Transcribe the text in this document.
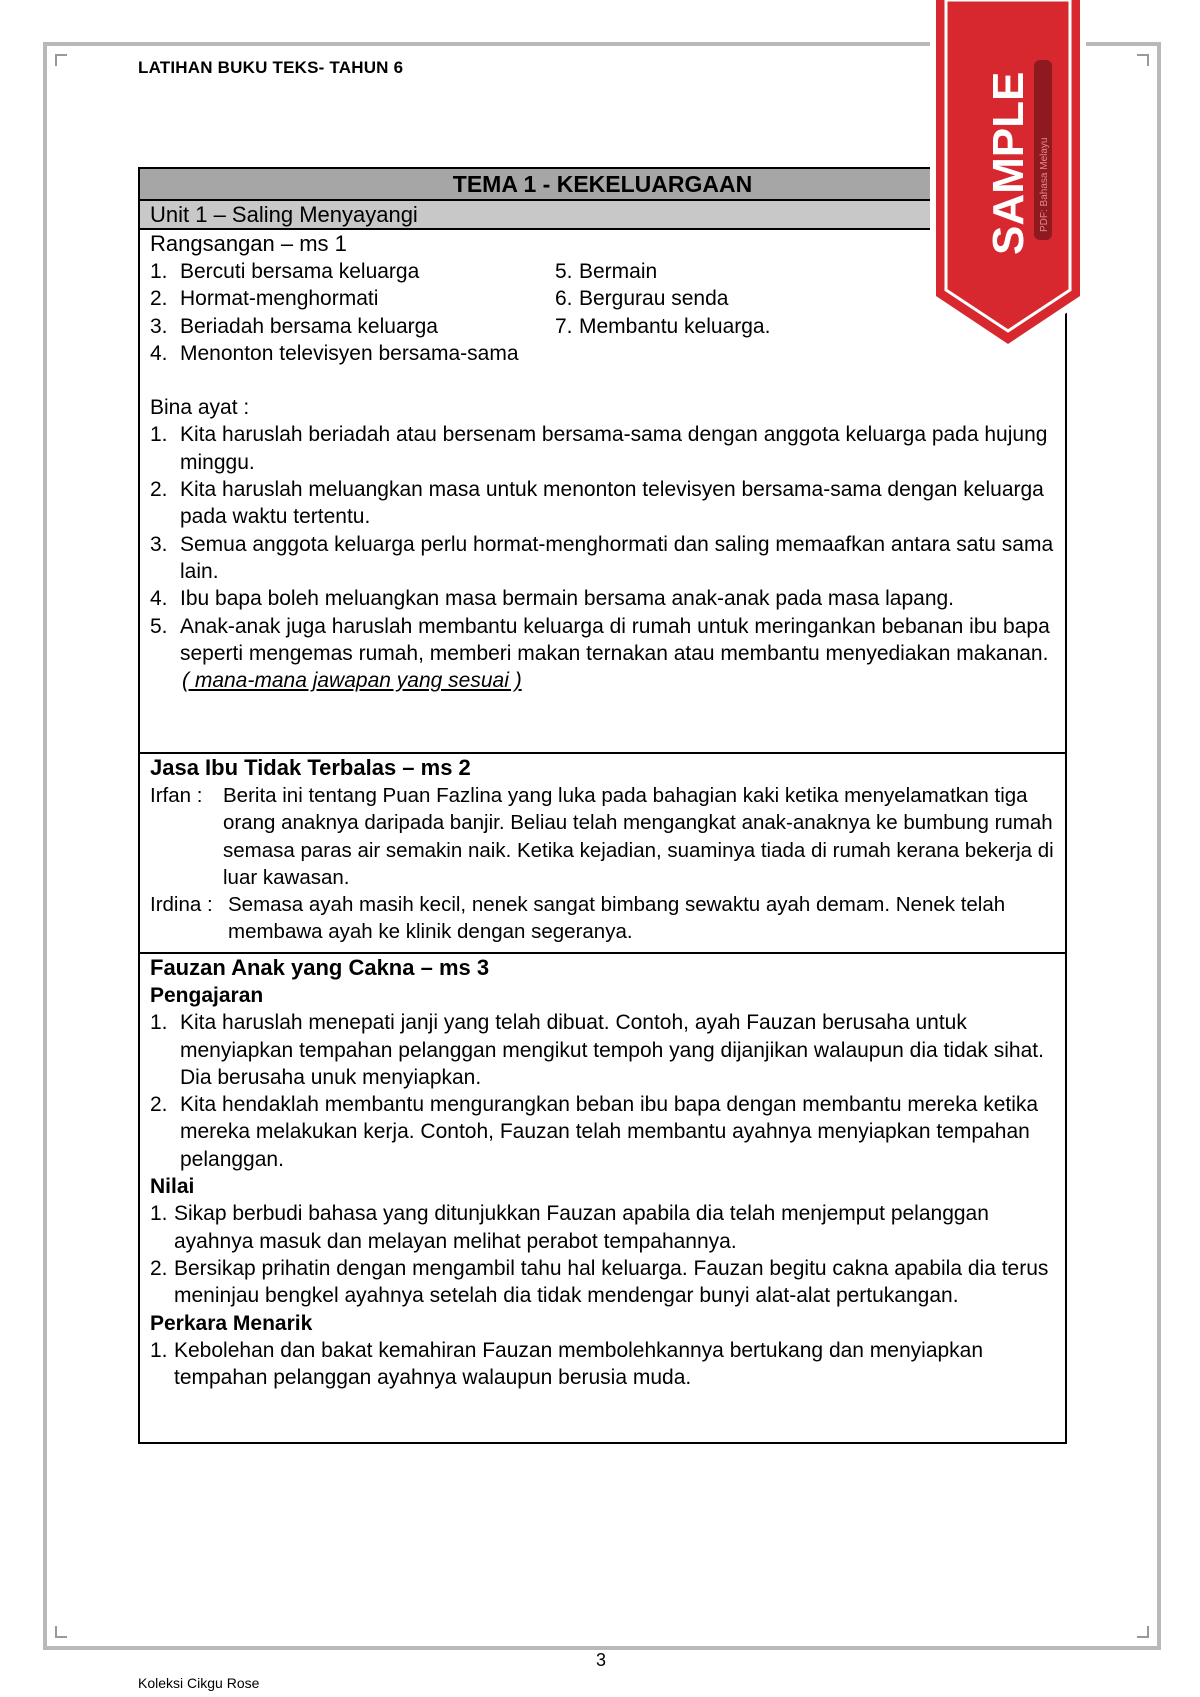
LATIHAN BUKU TEKS- TAHUN 6
TEMA 1 - KEKELUARGAAN
Unit 1 – Saling Menyayangi
Rangsangan – ms 1
1. Bercuti bersama keluarga
2. Hormat-menghormati
3. Beriadah bersama keluarga
4. Menonton televisyen bersama-sama
5. Bermain
6. Bergurau senda
7. Membantu keluarga.
Bina ayat :
1. Kita haruslah beriadah atau bersenam bersama-sama dengan anggota keluarga pada hujung minggu.
2. Kita haruslah meluangkan masa untuk menonton televisyen bersama-sama dengan keluarga pada waktu tertentu.
3. Semua anggota keluarga perlu hormat-menghormati dan saling memaafkan antara satu sama lain.
4. Ibu bapa boleh meluangkan masa bermain bersama anak-anak pada masa lapang.
5. Anak-anak juga haruslah membantu keluarga di rumah untuk meringankan bebanan ibu bapa seperti mengemas rumah, memberi makan ternakan atau membantu menyediakan makanan.
( mana-mana jawapan yang sesuai )
Jasa Ibu Tidak Terbalas – ms 2
Irfan :	Berita ini tentang Puan Fazlina yang luka pada bahagian kaki ketika menyelamatkan tiga orang anaknya daripada banjir. Beliau telah mengangkat anak-anaknya ke bumbung rumah semasa paras air semakin naik. Ketika kejadian, suaminya tiada di rumah kerana bekerja di luar kawasan.
Irdina : Semasa ayah masih kecil, nenek sangat bimbang sewaktu ayah demam. Nenek telah membawa ayah ke klinik dengan segeranya.
Fauzan Anak yang Cakna – ms 3
Pengajaran
1. Kita haruslah menepati janji yang telah dibuat. Contoh, ayah Fauzan berusaha untuk menyiapkan tempahan pelanggan mengikut tempoh yang dijanjikan walaupun dia tidak sihat. Dia berusaha unuk menyiapkan.
2. Kita hendaklah membantu mengurangkan beban ibu bapa dengan membantu mereka ketika mereka melakukan kerja. Contoh, Fauzan telah membantu ayahnya menyiapkan tempahan pelanggan.
Nilai
1. Sikap berbudi bahasa yang ditunjukkan Fauzan apabila dia telah menjemput pelanggan ayahnya masuk dan melayan melihat perabot tempahannya.
2. Bersikap prihatin dengan mengambil tahu hal keluarga. Fauzan begitu cakna apabila dia terus meninjau bengkel ayahnya setelah dia tidak mendengar bunyi alat-alat pertukangan.
Perkara Menarik
1. Kebolehan dan bakat kemahiran Fauzan membolehkannya bertukang dan menyiapkan tempahan pelanggan ayahnya walaupun berusia muda.
SAMPLE PDF: Bahasa Melayu
3
Koleksi Cikgu Rose
